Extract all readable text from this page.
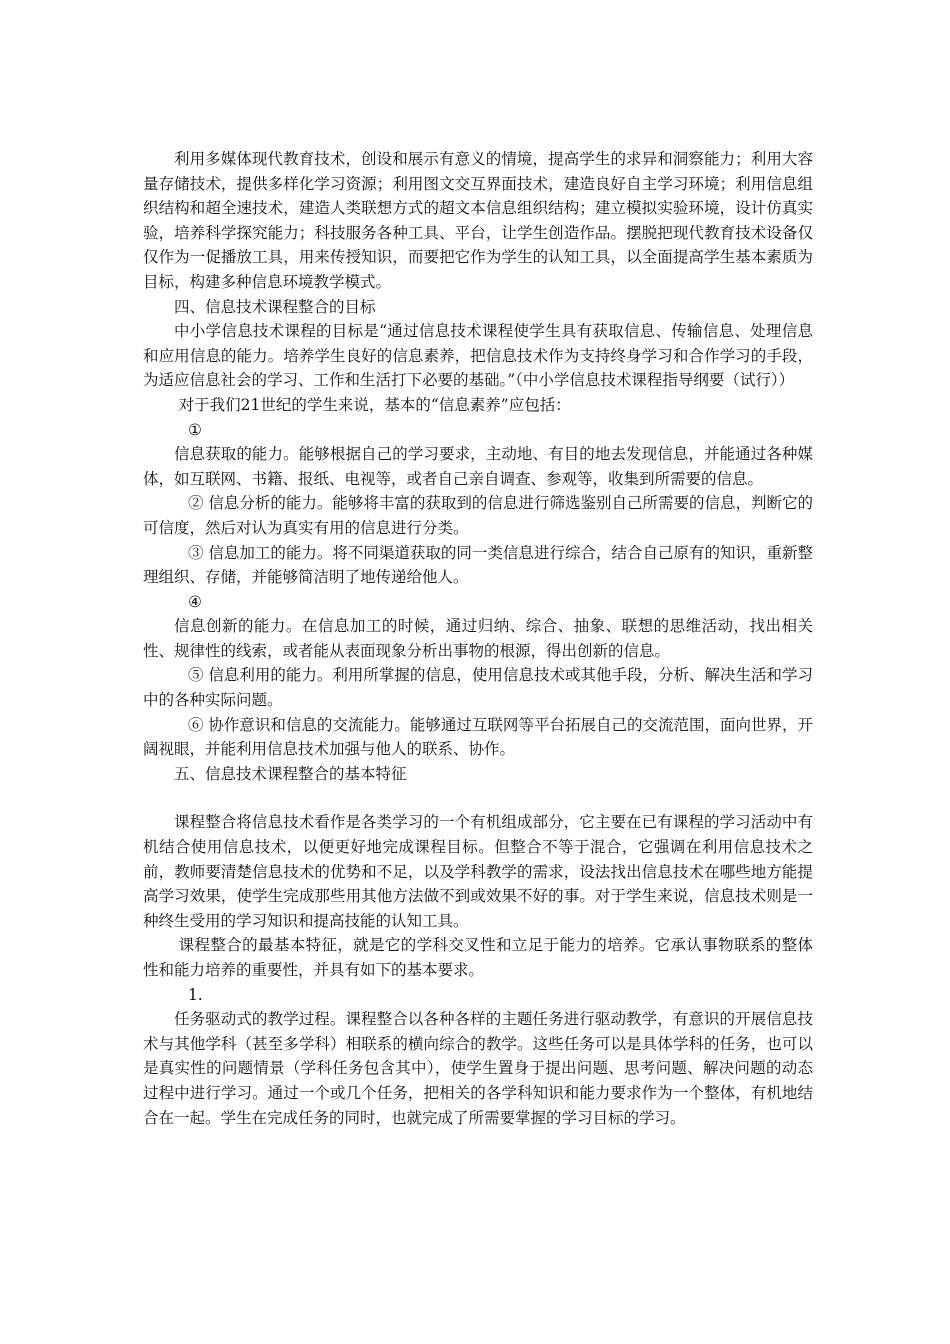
利用多媒体现代教育技术，创设和展示有意义的情境，提高学生的求异和洞察能力；利用大容量存储技术，提供多样化学习资源；利用图文交互界面技术，建造良好自主学习环境；利用信息组织结构和超全速技术，建造人类联想方式的超文本信息组织结构；建立模拟实验环境，设计仿真实验，培养科学探究能力；科技服务各种工具、平台，让学生创造作品。摆脱把现代教育技术设备仅仅作为一促播放工具，用来传授知识，而要把它作为学生的认知工具，以全面提高学生基本素质为目标，构建多种信息环境教学模式。

四、信息技术课程整合的目标

中小学信息技术课程的目标是“通过信息技术课程使学生具有获取信息、传输信息、处理信息和应用信息的能力。培养学生良好的信息素养，把信息技术作为支持终身学习和合作学习的手段，为适应信息社会的学习、工作和生活打下必要的基础。”（中小学信息技术课程指导纲要（试行））

对于我们21世纪的学生来说，基本的“信息素养”应包括：

①

信息获取的能力。能够根据自己的学习要求，主动地、有目的地去发现信息，并能通过各种媒体，如互联网、书籍、报纸、电视等，或者自己亲自调查、参观等，收集到所需要的信息。

② 信息分析的能力。能够将丰富的获取到的信息进行筛选鉴别自己所需要的信息，判断它的可信度，然后对认为真实有用的信息进行分类。

③ 信息加工的能力。将不同渠道获取的同一类信息进行综合，结合自己原有的知识，重新整理组织、存储，并能够简洁明了地传递给他人。

④

信息创新的能力。在信息加工的时候，通过归纳、综合、抽象、联想的思维活动，找出相关性、规律性的线索，或者能从表面现象分析出事物的根源，得出创新的信息。

⑤ 信息利用的能力。利用所掌握的信息，使用信息技术或其他手段，分析、解决生活和学习中的各种实际问题。

⑥ 协作意识和信息的交流能力。能够通过互联网等平台拓展自己的交流范围，面向世界，开阔视眼，并能利用信息技术加强与他人的联系、协作。

五、信息技术课程整合的基本特征

课程整合将信息技术看作是各类学习的一个有机组成部分，它主要在已有课程的学习活动中有机结合使用信息技术，以便更好地完成课程目标。但整合不等于混合，它强调在利用信息技术之前，教师要清楚信息技术的优势和不足，以及学科教学的需求，设法找出信息技术在哪些地方能提高学习效果，使学生完成那些用其他方法做不到或效果不好的事。对于学生来说，信息技术则是一种终生受用的学习知识和提高技能的认知工具。

课程整合的最基本特征，就是它的学科交叉性和立足于能力的培养。它承认事物联系的整体性和能力培养的重要性，并具有如下的基本要求。

1.

任务驱动式的教学过程。课程整合以各种各样的主题任务进行驱动教学，有意识的开展信息技术与其他学科（甚至多学科）相联系的横向综合的教学。这些任务可以是具体学科的任务，也可以是真实性的问题情景（学科任务包含其中），使学生置身于提出问题、思考问题、解决问题的动态过程中进行学习。通过一个或几个任务，把相关的各学科知识和能力要求作为一个整体，有机地结合在一起。学生在完成任务的同时，也就完成了所需要掌握的学习目标的学习。
